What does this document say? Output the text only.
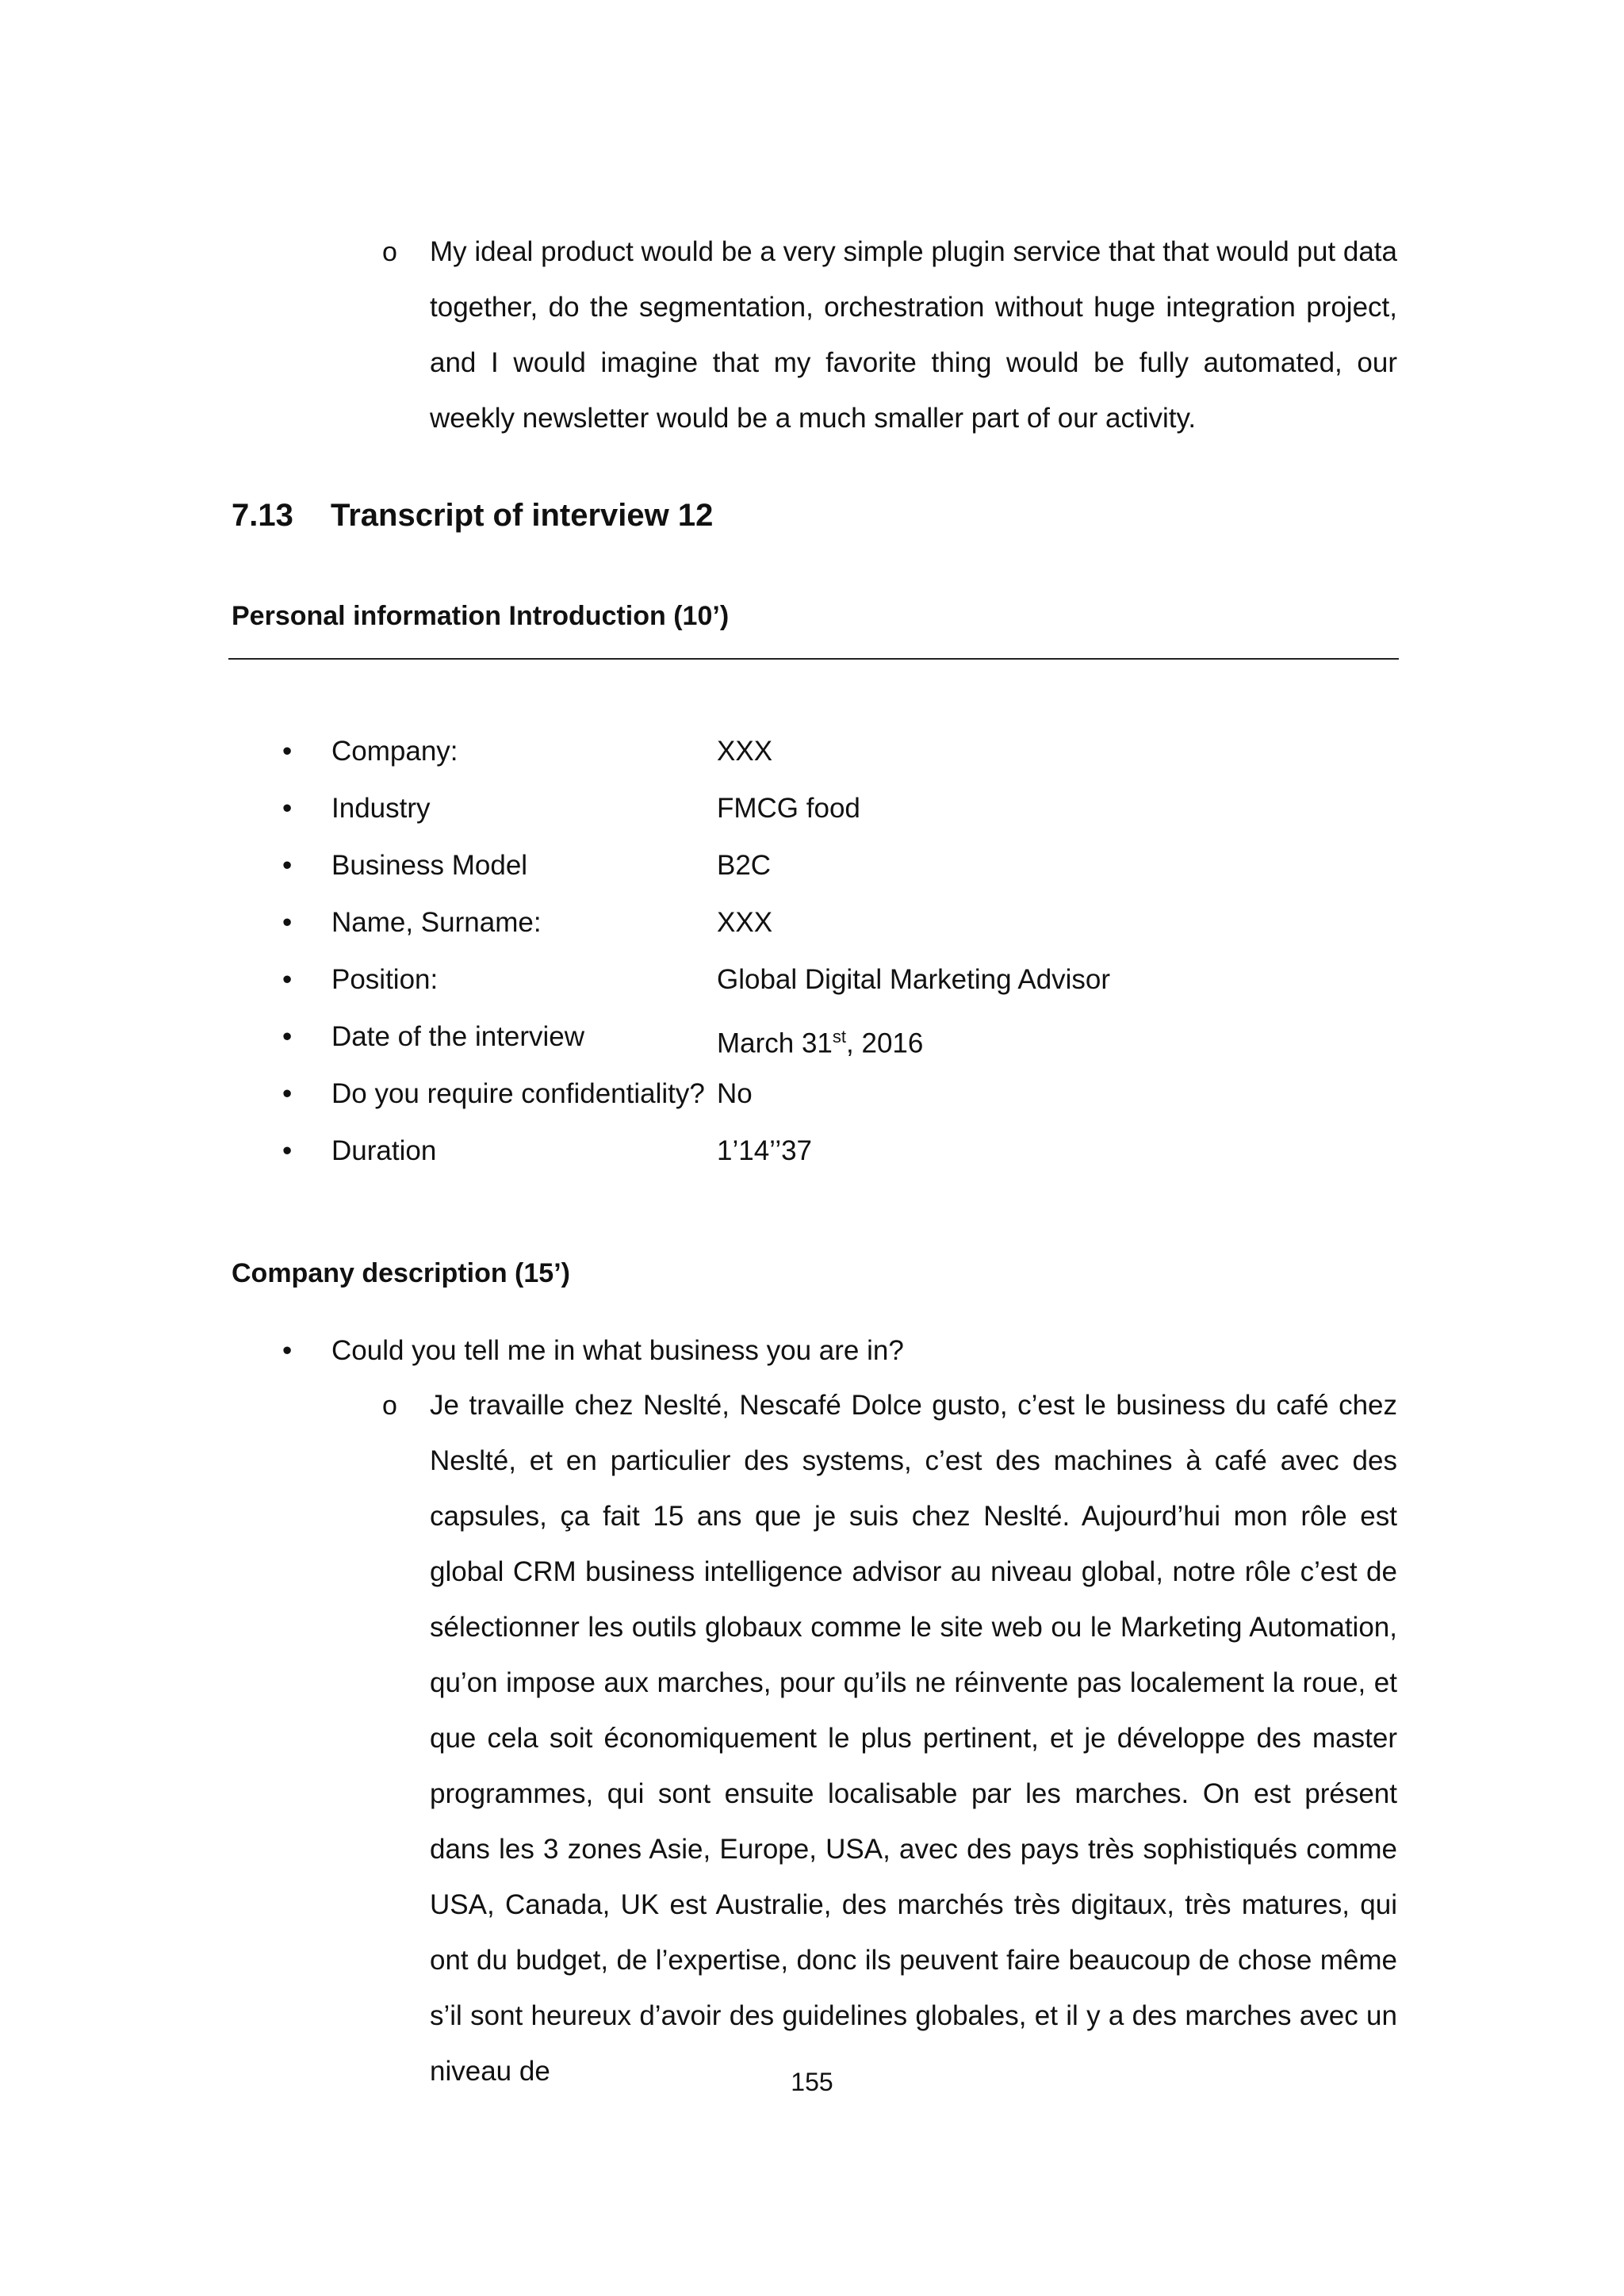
o My ideal product would be a very simple plugin service that that would put data together, do the segmentation, orchestration without huge integration project, and I would imagine that my favorite thing would be fully automated, our weekly newsletter would be a much smaller part of our activity.
7.13 Transcript of interview 12
Personal information Introduction (10’)
• Company:	XXX
• Industry	FMCG food
• Business Model	B2C
• Name, Surname:	XXX
• Position:	Global Digital Marketing Advisor
• Date of the interview	March 31st, 2016
• Do you require confidentiality? No
• Duration	1’14’’37
Company description (15’)
• Could you tell me in what business you are in?
o Je travaille chez Neslté, Nescafé Dolce gusto, c’est le business du café chez Neslté, et en particulier des systems, c’est des machines à café avec des capsules, ça fait 15 ans que je suis chez Neslté. Aujourd’hui mon rôle est global CRM business intelligence advisor au niveau global, notre rôle c’est de sélectionner les outils globaux comme le site web ou le Marketing Automation, qu’on impose aux marches, pour qu’ils ne réinvente pas localement la roue, et que cela soit économiquement le plus pertinent, et je développe des master programmes, qui sont ensuite localisable par les marches. On est présent dans les 3 zones Asie, Europe, USA, avec des pays très sophistiqués comme USA, Canada, UK est Australie, des marchés très digitaux, très matures, qui ont du budget, de l’expertise, donc ils peuvent faire beaucoup de chose même s’il sont heureux d’avoir des guidelines globales, et il y a des marches avec un niveau de	155
